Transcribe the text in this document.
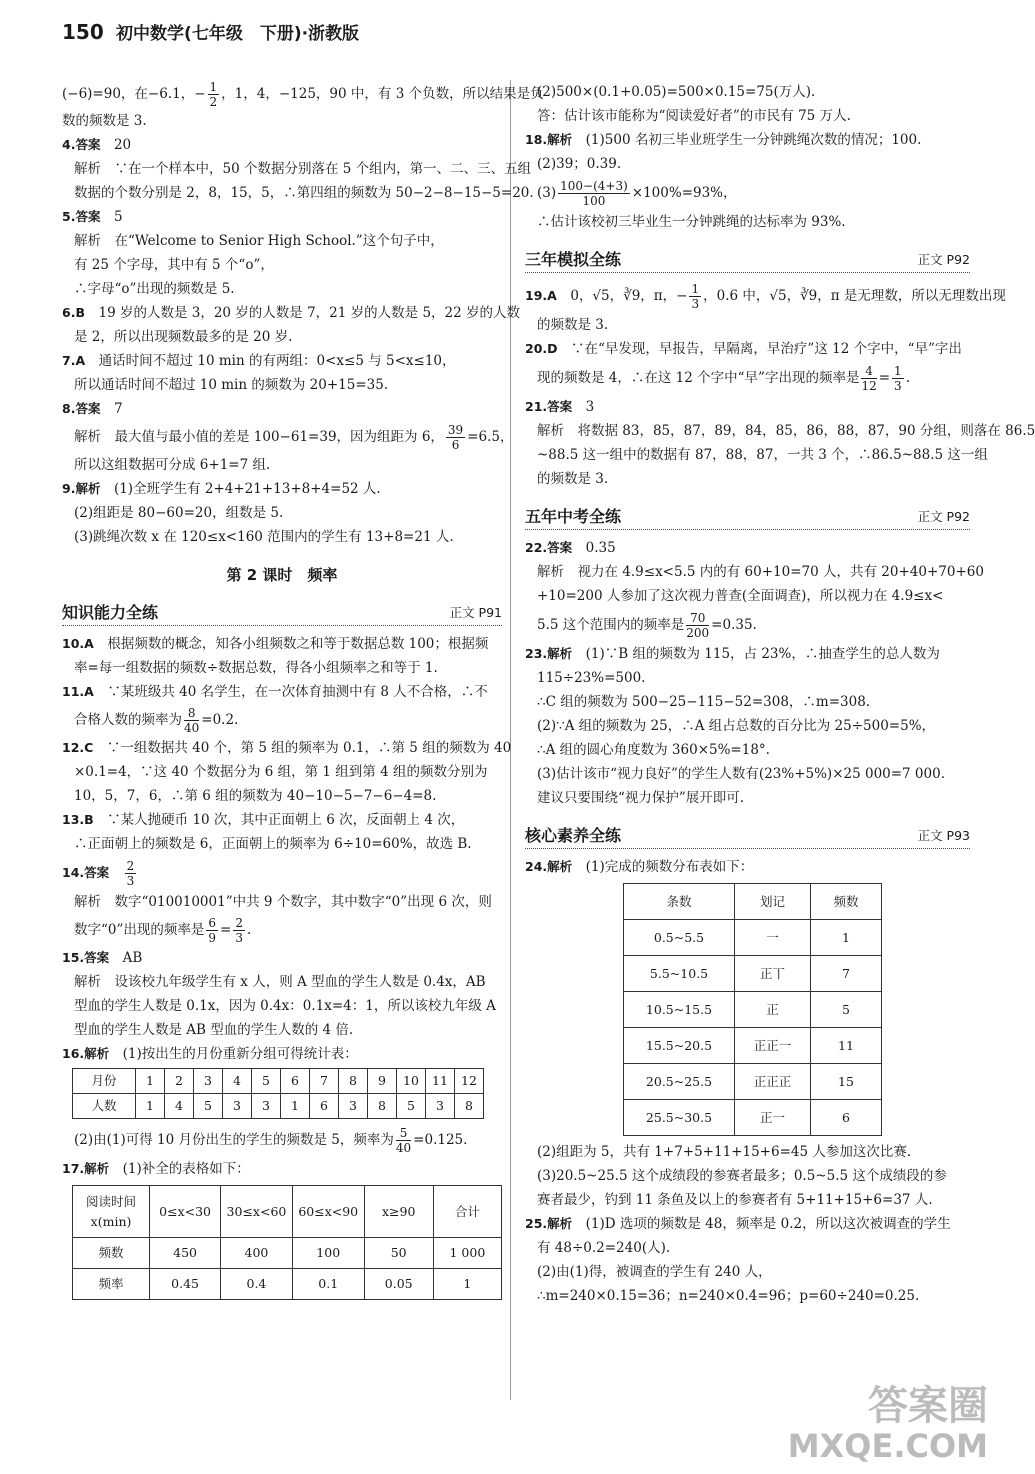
150 初中数学(七年级　下册)·浙教版
(−6)=90，在−6.1，− $\frac{1}{2}$ ，1，4，−125，90 中，有 3 个负数，所以结果是负
数的频数是 3.
4.答案　 20
解析　∵在一个样本中，50 个数据分别落在 5 个组内，第一、二、三、五组
数据的个数分别是 2，8，15，5，∴第四组的频数为 50−2−8−15−5=20.
5.答案　 5
解析　在“Welcome to Senior High School.”这个句子中，
有 25 个字母，其中有 5 个“o”，
∴字母“o”出现的频数是 5.
6.B　 19 岁的人数是 3，20 岁的人数是 7，21 岁的人数是 5，22 岁的人数
是 2，所以出现频数最多的是 20 岁.
7.A　 通话时间不超过 10 min 的有两组：0<x≤5 与 5<x≤10，
所以通话时间不超过 10 min 的频数为 20+15=35.
8.答案　 7
解析　最大值与最小值的差是 100−61=39，因为组距为 6， $\frac{39}{6} =6.5$，
所以这组数据可分成 6+1=7 组.
9.解析　 (1)全班学生有 2+4+21+13+8+4=52 人.
(2)组距是 80−60=20，组数是 5.
(3)跳绳次数 x 在 120≤x<160 范围内的学生有 13+8=21 人.
第 2 课时　频率
知识能力全练	正文 P91
10.A　 根据频数的概念，知各小组频数之和等于数据总数 100；根据频
率=每一组数据的频数÷数据总数，得各小组频率之和等于 1.
11.A　 ∵某班级共 40 名学生，在一次体育抽测中有 8 人不合格，∴不
合格人数的频率为 $\frac{8}{40} =0.2$.
12.C　 ∵一组数据共 40 个，第 5 组的频率为 0.1，∴第 5 组的频数为 40
×0.1=4，∵这 40 个数据分为 6 组，第 1 组到第 4 组的频数分别为
10，5，7，6，∴第 6 组的频数为 40−10−5−7−6−4=8.
13.B　 ∵某人抛硬币 10 次，其中正面朝上 6 次，反面朝上 4 次，
∴正面朝上的频数是 6，正面朝上的频率为 6÷10=60%，故选 B.
14.答案　 $\frac{2}{3}$
解析　数字“010010001”中共 9 个数字，其中数字“0”出现 6 次，则
数字“0”出现的频率是 $\frac{6}{9} = \frac{2}{3}$ .
15.答案　 AB
解析　设该校九年级学生有 x 人，则 A 型血的学生人数是 0.4x，AB
型血的学生人数是 0.1x，因为 0.4x：0.1x=4：1，所以该校九年级 A
型血的学生人数是 AB 型血的学生人数的 4 倍.
16.解析　 (1)按出生的月份重新分组可得统计表：
月份	1	2	3	4	5	6	7	8	9	10	11	12
人数	1	4	5	3	3	1	6	3	8	5	3	8
(2)由(1)可得 10 月份出生的学生的频数是 5，频率为 $\frac{5}{40} =0.125$.
17.解析　 (1)补全的表格如下：
阅读时间
x(min)	0≤x<30	30≤x<60	60≤x<90	x≥90	合计
频数	450	400	100	50	1 000
频率	0.45	0.4	0.1	0.05	1
(2)500×(0.1+0.05)=500×0.15=75(万人).
答：估计该市能称为“阅读爱好者”的市民有 75 万人.
18.解析　 (1)500 名初三毕业班学生一分钟跳绳次数的情况；100.
(2)39；0.39.
$(3) \frac{100-(4+3)}{100} \times 100\%=93\%$，
∴估计该校初三毕业生一分钟跳绳的达标率为 93%.
三年模拟全练	正文 P92
19.A　 0，√5，∛9，π，− $\frac{1}{3}$ ，0.6 中，√5，∛9，π 是无理数，所以无理数出现
的频数是 3.
20.D　 ∵在“早发现，早报告，早隔离，早治疗”这 12 个字中，“早”字出
现的频数是 4，∴在这 12 个字中“早”字出现的频率是 $\frac{4}{12} = \frac{1}{3}$ .
21.答案　 3
解析　将数据 83，85，87，89，84，85，86，88，87，90 分组，则落在 86.5
~88.5 这一组中的数据有 87，88，87，一共 3 个，∴86.5~88.5 这一组
的频数是 3.
五年中考全练	正文 P92
22.答案　 0.35
解析　视力在 4.9≤x<5.5 内的有 60+10=70 人，共有 20+40+70+60
+10=200 人参加了这次视力普查(全面调查)，所以视力在 4.9≤x<
5.5 这个范围内的频率是 $\frac{70}{200} =0.35$.
23.解析　 (1)∵B 组的频数为 115，占 23%，∴抽查学生的总人数为
115÷23%=500.
∴C 组的频数为 500−25−115−52=308，∴m=308.
(2)∵A 组的频数为 25，∴A 组占总数的百分比为 25÷500=5%，
∴A 组的圆心角度数为 360×5%=18°.
(3)估计该市“视力良好”的学生人数有(23%+5%)×25 000=7 000.
建议只要围绕“视力保护”展开即可.
核心素养全练	正文 P93
24.解析　 (1)完成的频数分布表如下：
条数	划记	频数
0.5~5.5	一	1
5.5~10.5	正丅	7
10.5~15.5	正	5
15.5~20.5	正正一	11
20.5~25.5	正正正	15
25.5~30.5	正一	6
(2)组距为 5，共有 1+7+5+11+15+6=45 人参加这次比赛.
(3)20.5~25.5 这个成绩段的参赛者最多；0.5~5.5 这个成绩段的参
赛者最少，钓到 11 条鱼及以上的参赛者有 5+11+15+6=37 人.
25.解析　 (1)D 选项的频数是 48，频率是 0.2，所以这次被调查的学生
有 48÷0.2=240(人).
(2)由(1)得，被调查的学生有 240 人，
∴m=240×0.15=36；n=240×0.4=96；p=60÷240=0.25.
答案圈
MXQE.COM
